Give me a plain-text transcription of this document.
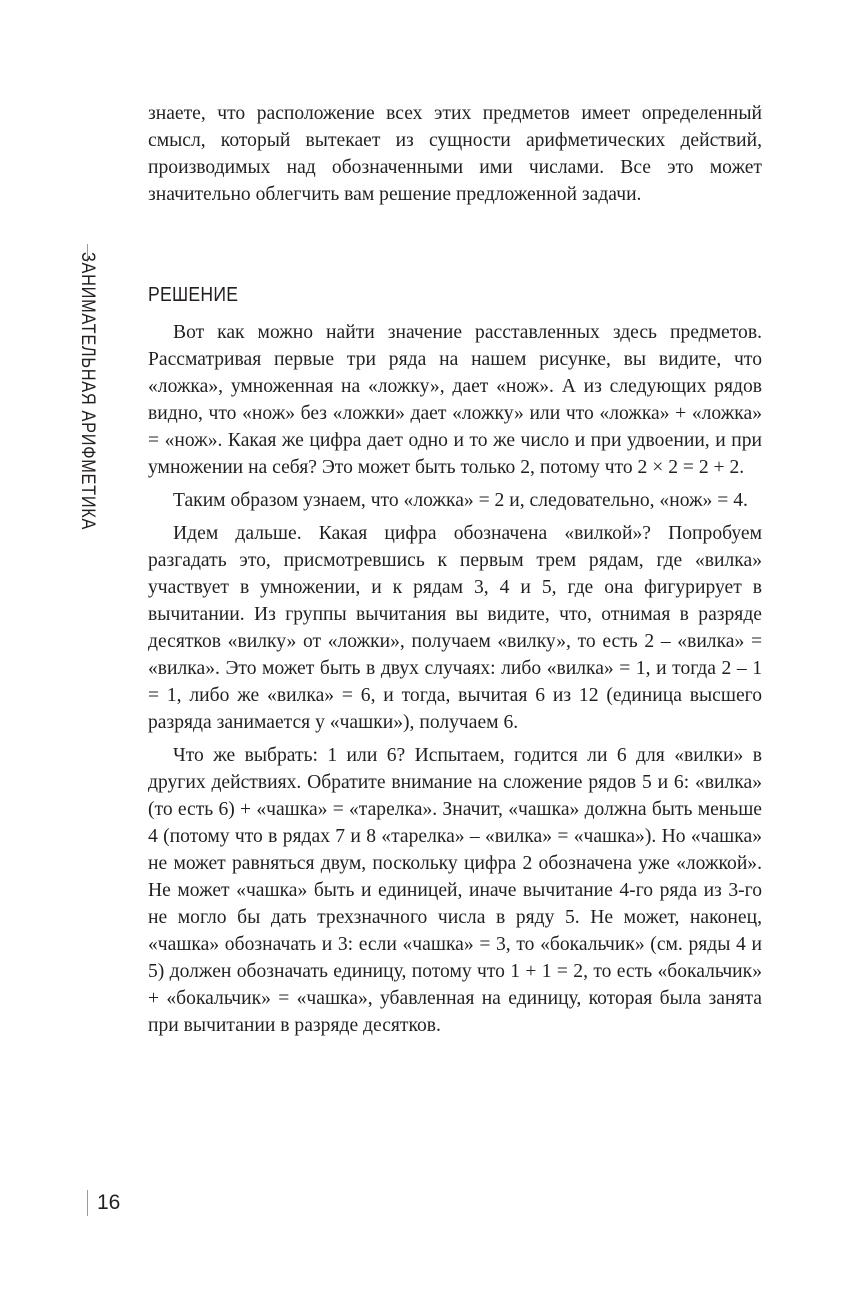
ЗАНИМАТЕЛЬНАЯ АРИФМЕТИКА

знаете, что расположение всех этих предметов имеет определенный смысл, который вытекает из сущности арифметических действий, производимых над обозначенными ими числами. Все это может значительно облегчить вам решение предложенной задачи.

РЕШЕНИЕ

Вот как можно найти значение расставленных здесь предметов. Рассматривая первые три ряда на нашем рисунке, вы видите, что «ложка», умноженная на «ложку», дает «нож». А из следующих рядов видно, что «нож» без «ложки» дает «ложку» или что «ложка» + «ложка» = «нож». Какая же цифра дает одно и то же число и при удвоении, и при умножении на себя? Это может быть только 2, потому что 2 × 2 = 2 + 2.

Таким образом узнаем, что «ложка» = 2 и, следовательно, «нож» = 4.

Идем дальше. Какая цифра обозначена «вилкой»? Попробуем разгадать это, присмотревшись к первым трем рядам, где «вилка» участвует в умножении, и к рядам 3, 4 и 5, где она фигурирует в вычитании. Из группы вычитания вы видите, что, отнимая в разряде десятков «вилку» от «ложки», получаем «вилку», то есть 2 – «вилка» = «вилка». Это может быть в двух случаях: либо «вилка» = 1, и тогда 2 – 1 = 1, либо же «вилка» = 6, и тогда, вычитая 6 из 12 (единица высшего разряда занимается у «чашки»), получаем 6.

Что же выбрать: 1 или 6? Испытаем, годится ли 6 для «вилки» в других действиях. Обратите внимание на сложение рядов 5 и 6: «вилка» (то есть 6) + «чашка» = «тарелка». Значит, «чашка» должна быть меньше 4 (потому что в рядах 7 и 8 «тарелка» – «вилка» = «чашка»). Но «чашка» не может равняться двум, поскольку цифра 2 обозначена уже «ложкой». Не может «чашка» быть и единицей, иначе вычитание 4-го ряда из 3-го не могло бы дать трехзначного числа в ряду 5. Не может, наконец, «чашка» обозначать и 3: если «чашка» = 3, то «бокальчик» (см. ряды 4 и 5) должен обозначать единицу, потому что 1 + 1 = 2, то есть «бокальчик» + «бокальчик» = «чашка», убавленная на единицу, которая была занята при вычитании в разряде десятков.

16
